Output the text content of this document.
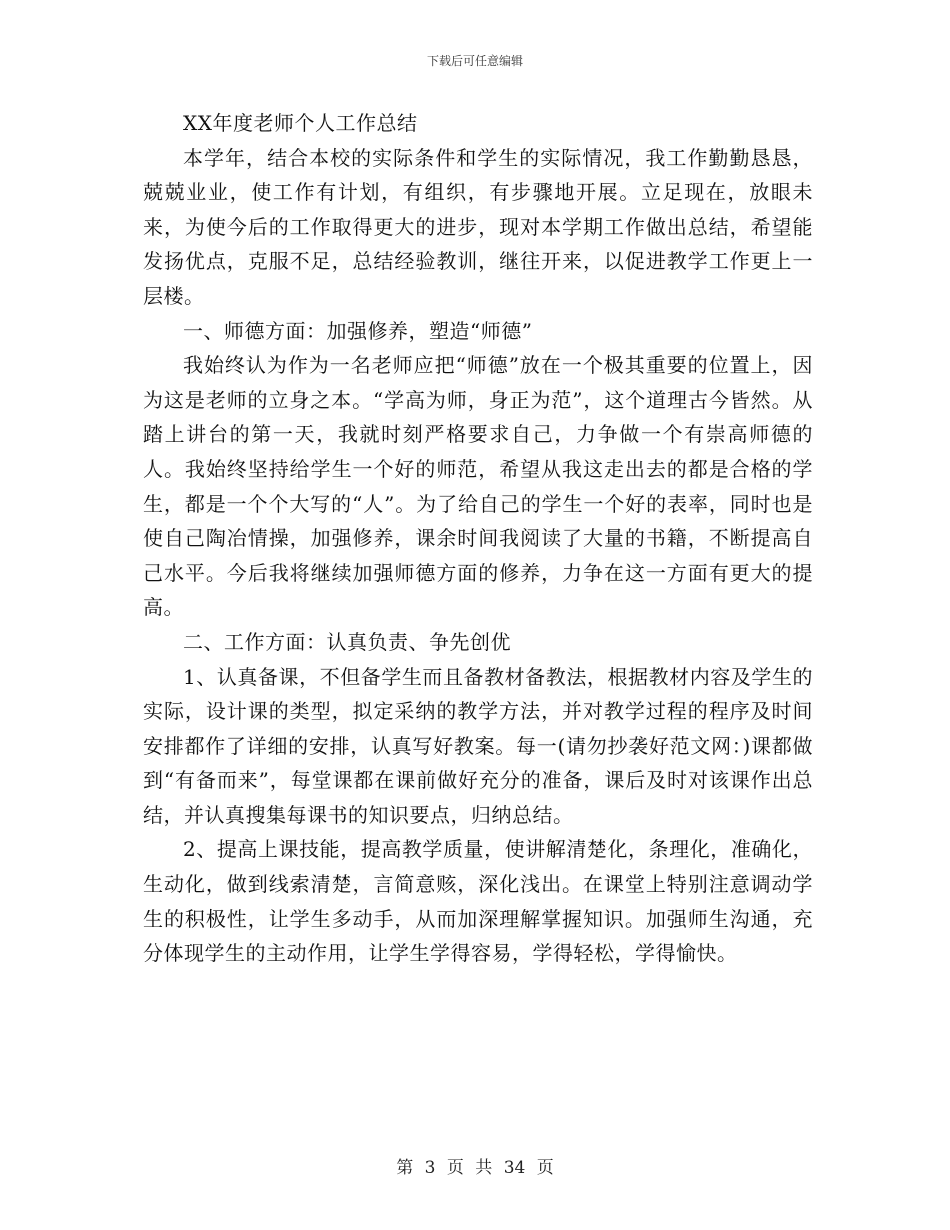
下载后可任意编辑

XX年度老师个人工作总结

本学年，结合本校的实际条件和学生的实际情况，我工作勤勤恳恳，兢兢业业，使工作有计划，有组织，有步骤地开展。立足现在，放眼未来，为使今后的工作取得更大的进步，现对本学期工作做出总结，希望能发扬优点，克服不足，总结经验教训，继往开来，以促进教学工作更上一层楼。

一、师德方面：加强修养，塑造“师德”

我始终认为作为一名老师应把“师德”放在一个极其重要的位置上，因为这是老师的立身之本。“学高为师，身正为范”，这个道理古今皆然。从踏上讲台的第一天，我就时刻严格要求自己，力争做一个有崇高师德的人。我始终坚持给学生一个好的师范，希望从我这走出去的都是合格的学生，都是一个个大写的“人”。为了给自己的学生一个好的表率，同时也是使自己陶冶情操，加强修养，课余时间我阅读了大量的书籍，不断提高自己水平。今后我将继续加强师德方面的修养，力争在这一方面有更大的提高。

二、工作方面：认真负责、争先创优

1、认真备课，不但备学生而且备教材备教法，根据教材内容及学生的实际，设计课的类型，拟定采纳的教学方法，并对教学过程的程序及时间安排都作了详细的安排，认真写好教案。每一(请勿抄袭好范文网：)课都做到“有备而来”，每堂课都在课前做好充分的准备，课后及时对该课作出总结，并认真搜集每课书的知识要点，归纳总结。

2、提高上课技能，提高教学质量，使讲解清楚化，条理化，准确化，生动化，做到线索清楚，言简意赅，深化浅出。在课堂上特别注意调动学生的积极性，让学生多动手，从而加深理解掌握知识。加强师生沟通，充分体现学生的主动作用，让学生学得容易，学得轻松，学得愉快。

第 3 页 共 34 页
